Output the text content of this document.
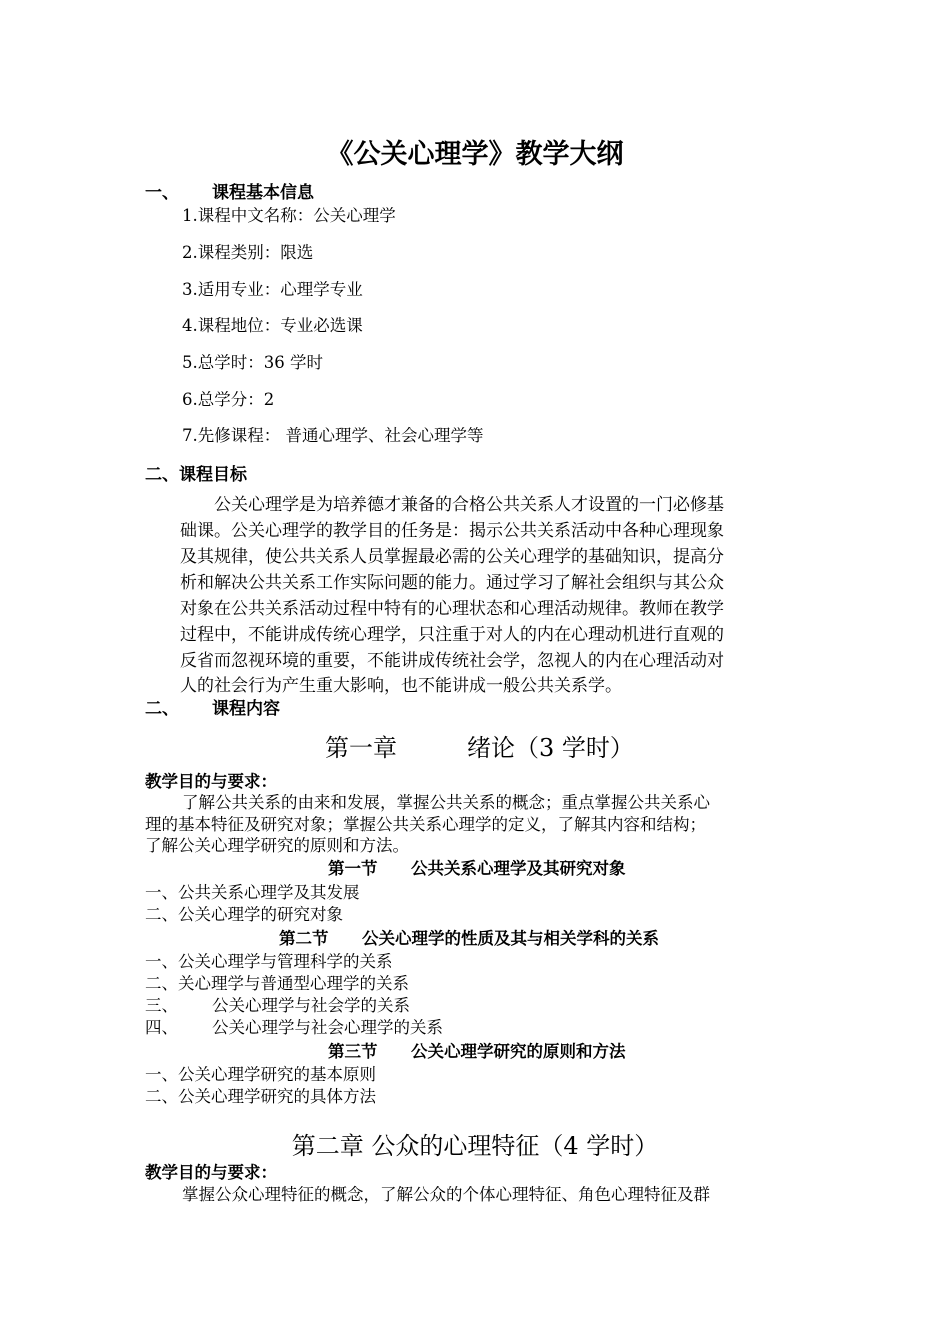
《公关心理学》教学大纲
一、 课程基本信息
1.课程中文名称：公关心理学
2.课程类别：限选
3.适用专业：心理学专业
4.课程地位：专业必选课
5.总学时：36 学时
6.总学分：2
7.先修课程： 普通心理学、社会心理学等
二、课程目标
公关心理学是为培养德才兼备的合格公共关系人才设置的一门必修基
础课。公关心理学的教学目的任务是：揭示公共关系活动中各种心理现象
及其规律，使公共关系人员掌握最必需的公关心理学的基础知识，提高分
析和解决公共关系工作实际问题的能力。通过学习了解社会组织与其公众
对象在公共关系活动过程中特有的心理状态和心理活动规律。教师在教学
过程中，不能讲成传统心理学，只注重于对人的内在心理动机进行直观的
反省而忽视环境的重要，不能讲成传统社会学，忽视人的内在心理活动对
人的社会行为产生重大影响，也不能讲成一般公共关系学。
二、 课程内容
第一章	绪论（3 学时）
教学目的与要求：
了解公共关系的由来和发展，掌握公共关系的概念；重点掌握公共关系心
理的基本特征及研究对象；掌握公共关系心理学的定义，了解其内容和结构；
了解公关心理学研究的原则和方法。
第一节 公共关系心理学及其研究对象
一、公共关系心理学及其发展
二、公关心理学的研究对象
第二节 公关心理学的性质及其与相关学科的关系
一、公关心理学与管理科学的关系
二、关心理学与普通型心理学的关系
三、 公关心理学与社会学的关系
四、 公关心理学与社会心理学的关系
第三节 公关心理学研究的原则和方法
一、公关心理学研究的基本原则
二、公关心理学研究的具体方法
第二章 公众的心理特征（4 学时）
教学目的与要求：
掌握公众心理特征的概念，了解公众的个体心理特征、角色心理特征及群
